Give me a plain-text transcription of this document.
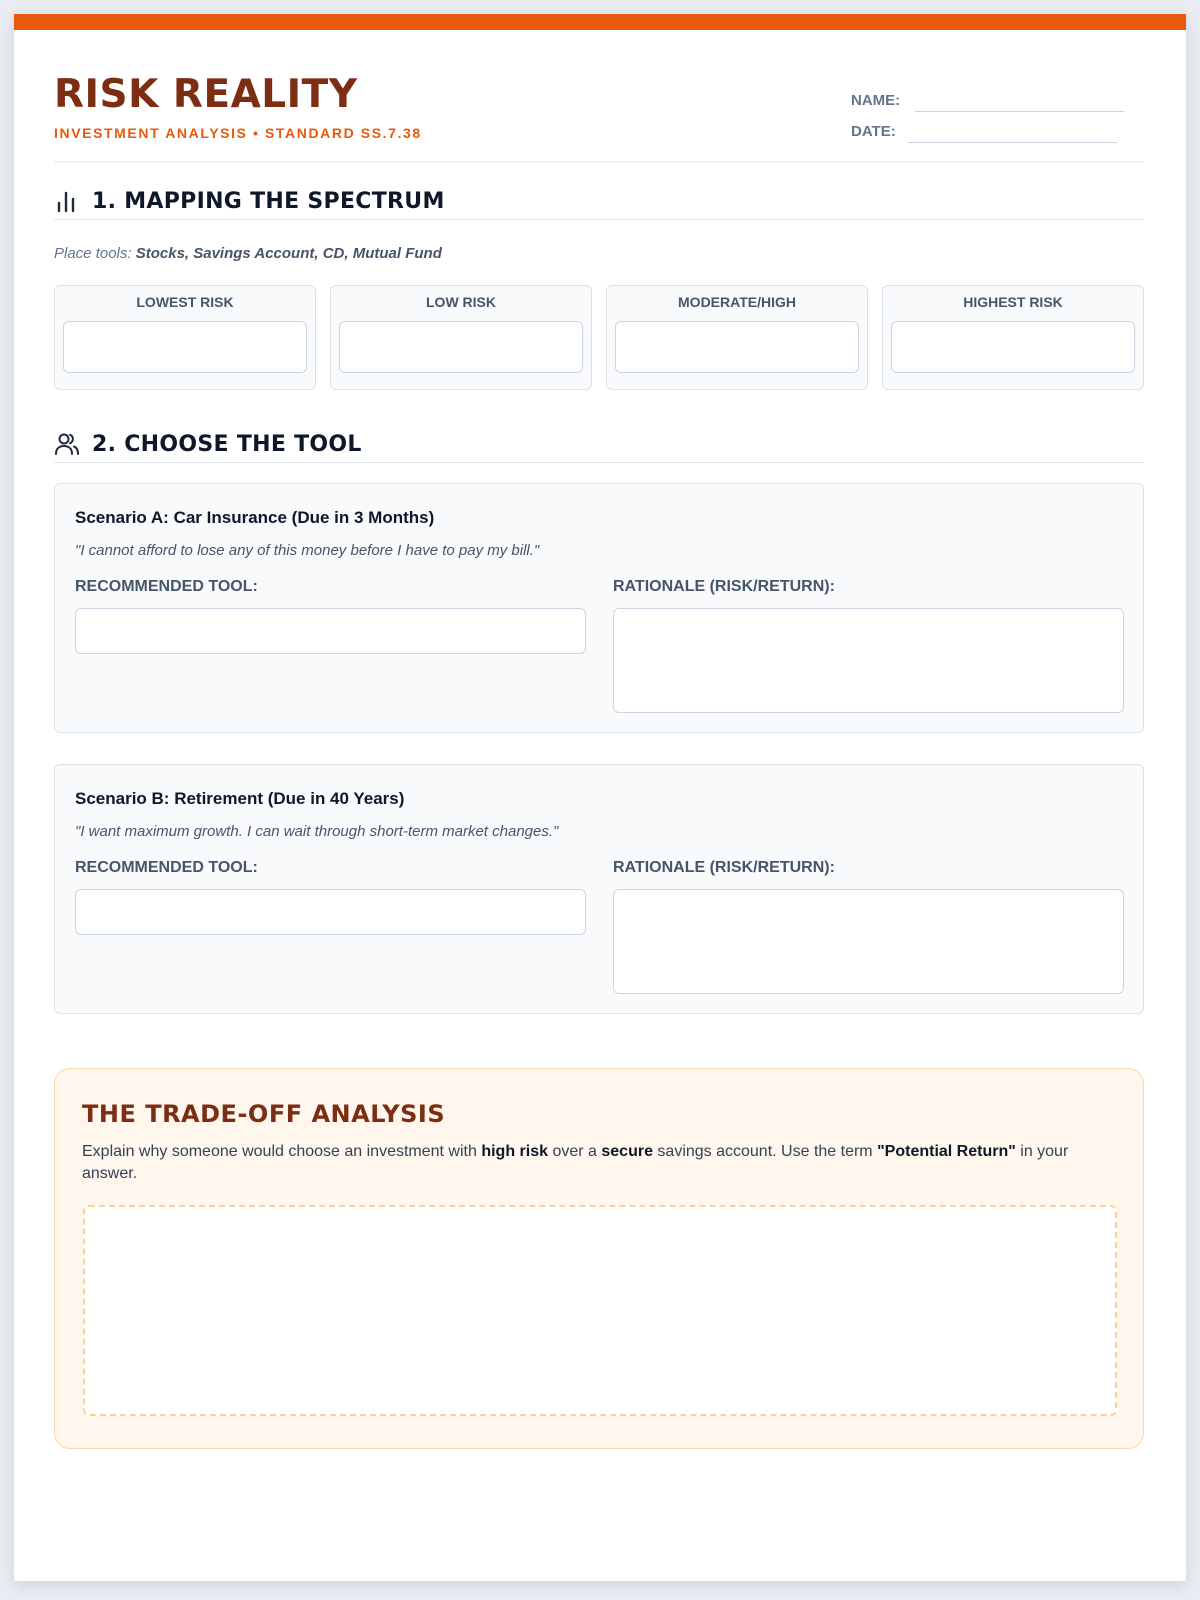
RISK REALITY
INVESTMENT ANALYSIS • STANDARD SS.7.38
NAME:
DATE:
1. MAPPING THE SPECTRUM
Place tools: Stocks, Savings Account, CD, Mutual Fund
LOWEST RISK	LOW RISK	MODERATE/HIGH	HIGHEST RISK
2. CHOOSE THE TOOL
Scenario A: Car Insurance (Due in 3 Months)
"I cannot afford to lose any of this money before I have to pay my bill."
RECOMMENDED TOOL:	RATIONALE (RISK/RETURN):
Scenario B: Retirement (Due in 40 Years)
"I want maximum growth. I can wait through short-term market changes."
RECOMMENDED TOOL:	RATIONALE (RISK/RETURN):
THE TRADE-OFF ANALYSIS
Explain why someone would choose an investment with high risk over a secure savings account. Use the term "Potential Return" in your answer.
